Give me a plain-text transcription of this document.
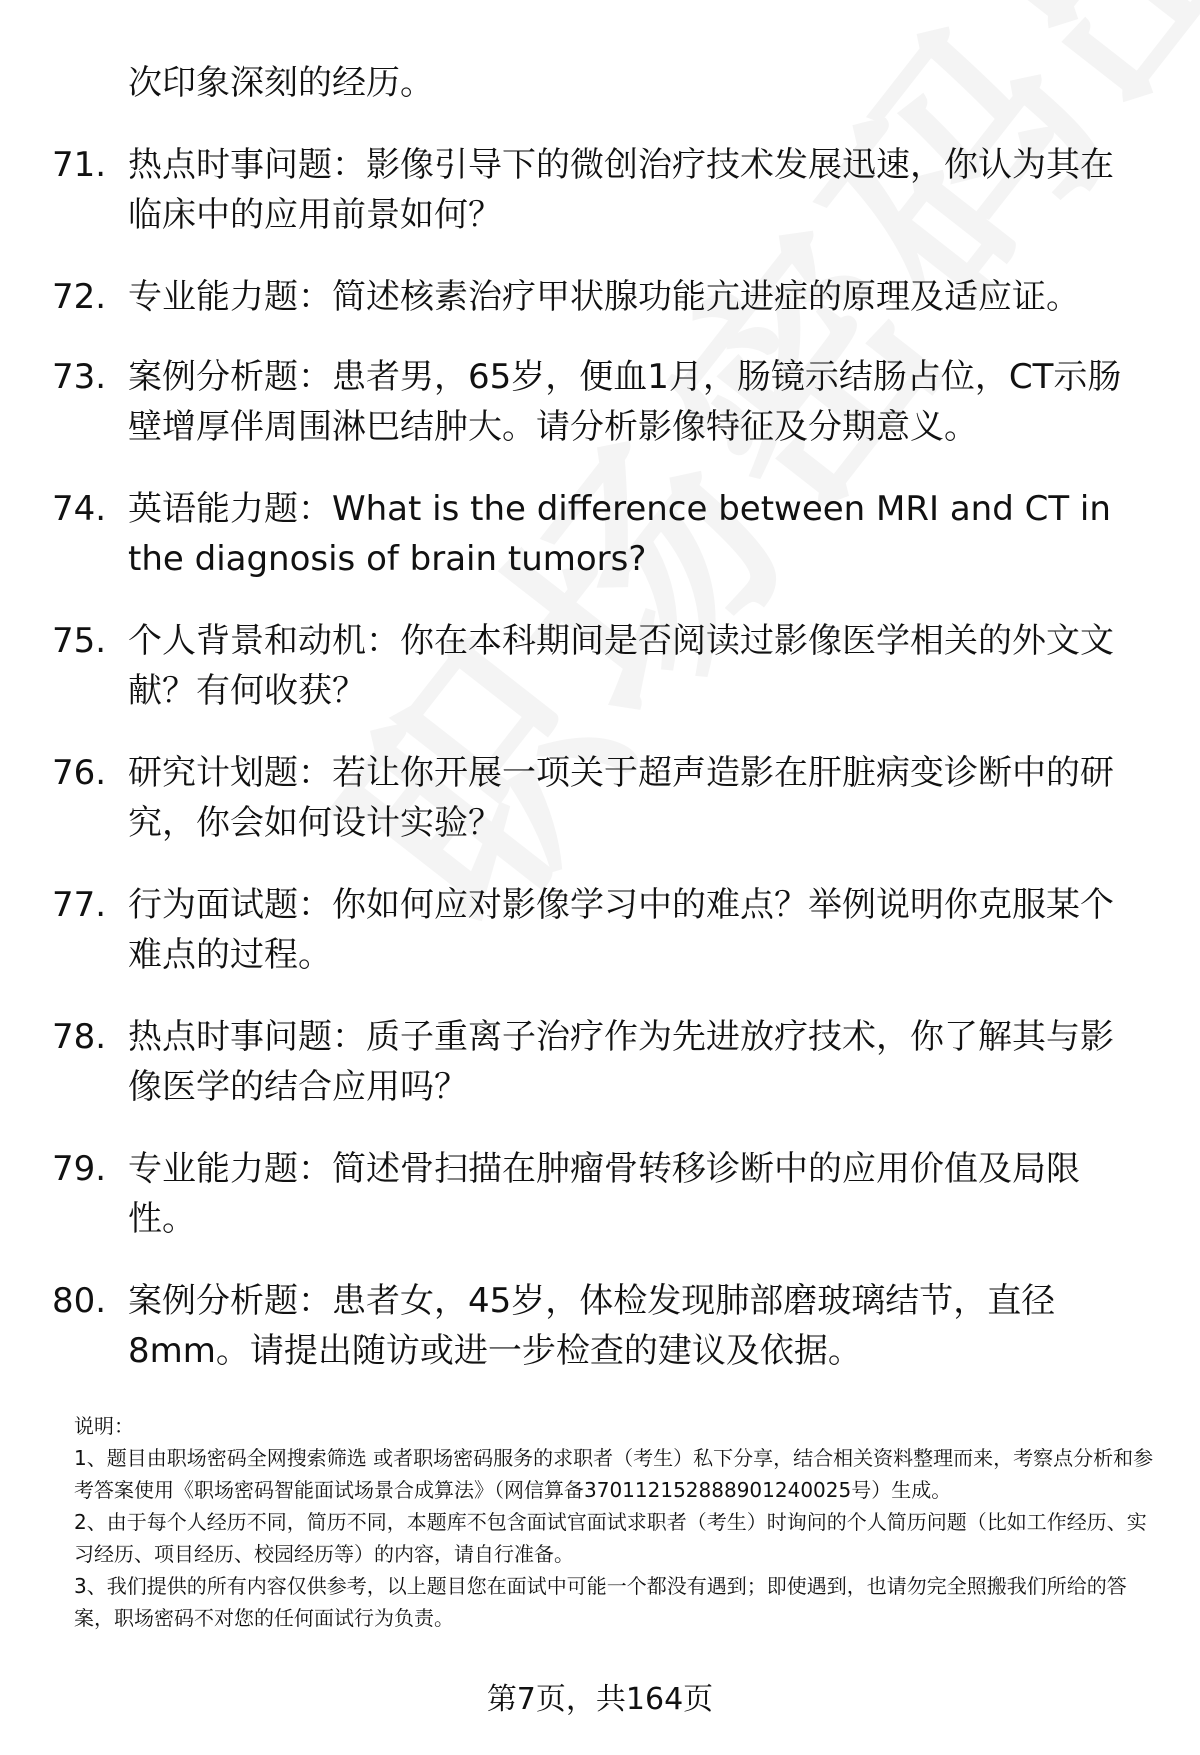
次印象深刻的经历。

71. 热点时事问题：影像引导下的微创治疗技术发展迅速，你认为其在临床中的应用前景如何？
72. 专业能力题：简述核素治疗甲状腺功能亢进症的原理及适应证。
73. 案例分析题：患者男，65岁，便血1月，肠镜示结肠占位，CT示肠壁增厚伴周围淋巴结肿大。请分析影像特征及分期意义。
74. 英语能力题：What is the difference between MRI and CT in the diagnosis of brain tumors?
75. 个人背景和动机：你在本科期间是否阅读过影像医学相关的外文文献？有何收获？
76. 研究计划题：若让你开展一项关于超声造影在肝脏病变诊断中的研究，你会如何设计实验？
77. 行为面试题：你如何应对影像学习中的难点？举例说明你克服某个难点的过程。
78. 热点时事问题：质子重离子治疗作为先进放疗技术，你了解其与影像医学的结合应用吗？
79. 专业能力题：简述骨扫描在肿瘤骨转移诊断中的应用价值及局限性。
80. 案例分析题：患者女，45岁，体检发现肺部磨玻璃结节，直径8mm。请提出随访或进一步检查的建议及依据。

说明：

1、题目由职场密码全网搜索筛选 或者职场密码服务的求职者（考生）私下分享，结合相关资料整理而来，考察点分析和参考答案使用《职场密码智能面试场景合成算法》（网信算备370112152888901240025号）生成。

2、由于每个人经历不同，简历不同，本题库不包含面试官面试求职者（考生）时询问的个人简历问题（比如工作经历、实习经历、项目经历、校园经历等）的内容，请自行准备。

3、我们提供的所有内容仅供参考，以上题目您在面试中可能一个都没有遇到；即使遇到，也请勿完全照搬我们所给的答案，职场密码不对您的任何面试行为负责。

第7页，共164页
